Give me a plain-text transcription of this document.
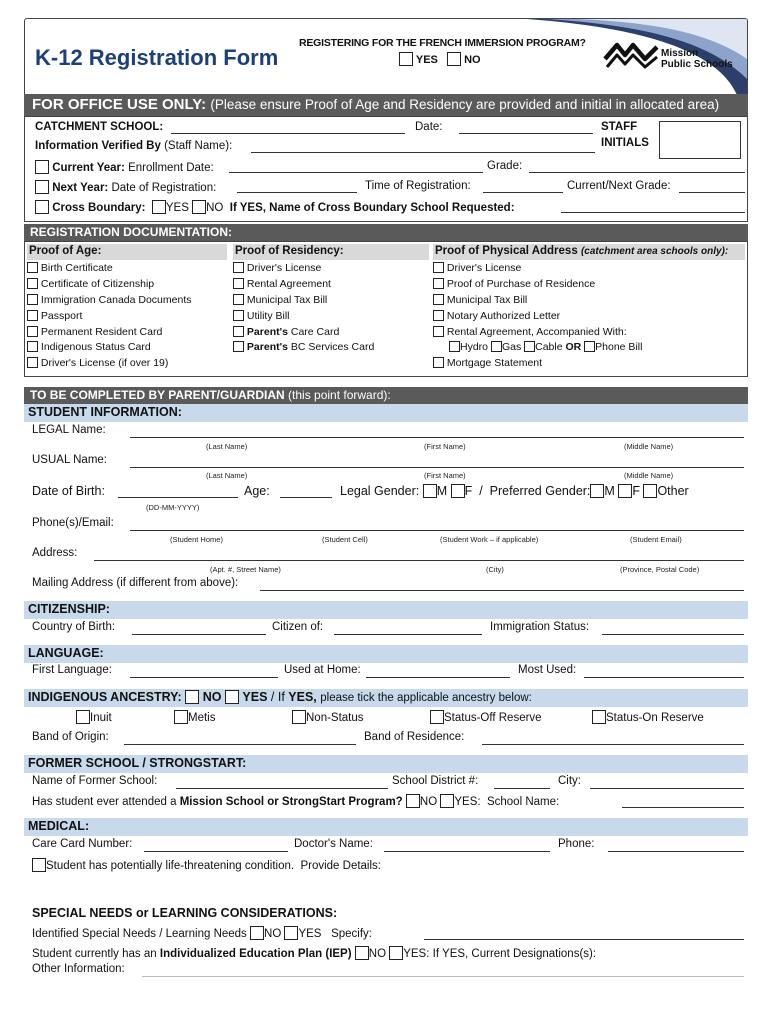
K-12 Registration Form
REGISTERING FOR THE FRENCH IMMERSION PROGRAM?
YES NO
Mission
Public Schools
FOR OFFICE USE ONLY: (Please ensure Proof of Age and Residency are provided and initial in allocated area)
CATCHMENT SCHOOL:	Date:	STAFF
INITIALS
Information Verified By (Staff Name):
Current Year: Enrollment Date:	Grade:
Next Year: Date of Registration:	Time of Registration:	Current/Next Grade:
Cross Boundary: YES NO If YES, Name of Cross Boundary School Requested:
REGISTRATION DOCUMENTATION:
Proof of Age:
Birth Certificate
Certificate of Citizenship
Immigration Canada Documents
Passport
Permanent Resident Card
Indigenous Status Card
Driver's License (if over 19)
Proof of Residency:
Driver's License
Rental Agreement
Municipal Tax Bill
Utility Bill
Parent's Care Card
Parent's BC Services Card
Proof of Physical Address (catchment area schools only):
Driver's License
Proof of Purchase of Residence
Municipal Tax Bill
Notary Authorized Letter
Rental Agreement, Accompanied With:
Hydro Gas Cable OR Phone Bill
Mortgage Statement
TO BE COMPLETED BY PARENT/GUARDIAN (this point forward):
STUDENT INFORMATION:
LEGAL Name:
(Last Name)	(First Name)	(Middle Name)
USUAL Name:
(Last Name)	(First Name)	(Middle Name)
Date of Birth:
(DD-MM-YYYY)
Age:	Legal Gender: M F / Preferred Gender: M F Other
Phone(s)/Email:
(Student Home)	(Student Cell)	(Student Work – if applicable)	(Student Email)
Address:
(Apt. #, Street Name)	(City)	(Province, Postal Code)
Mailing Address (if different from above):
CITIZENSHIP:
Country of Birth:	Citizen of:	Immigration Status:
LANGUAGE:
First Language:	Used at Home:	Most Used:
INDIGENOUS ANCESTRY: NO YES / If YES, please tick the applicable ancestry below:
Inuit	Metis	Non-Status	Status-Off Reserve	Status-On Reserve
Band of Origin:	Band of Residence:
FORMER SCHOOL / STRONGSTART:
Name of Former School:	School District #:	City:
Has student ever attended a Mission School or StrongStart Program? NO YES: School Name:
MEDICAL:
Care Card Number:	Doctor's Name:	Phone:
Student has potentially life-threatening condition. Provide Details:
SPECIAL NEEDS or LEARNING CONSIDERATIONS:
Identified Special Needs / Learning Needs NO YES Specify:
Student currently has an Individualized Education Plan (IEP) NO YES: If YES, Current Designations(s):
Other Information:
